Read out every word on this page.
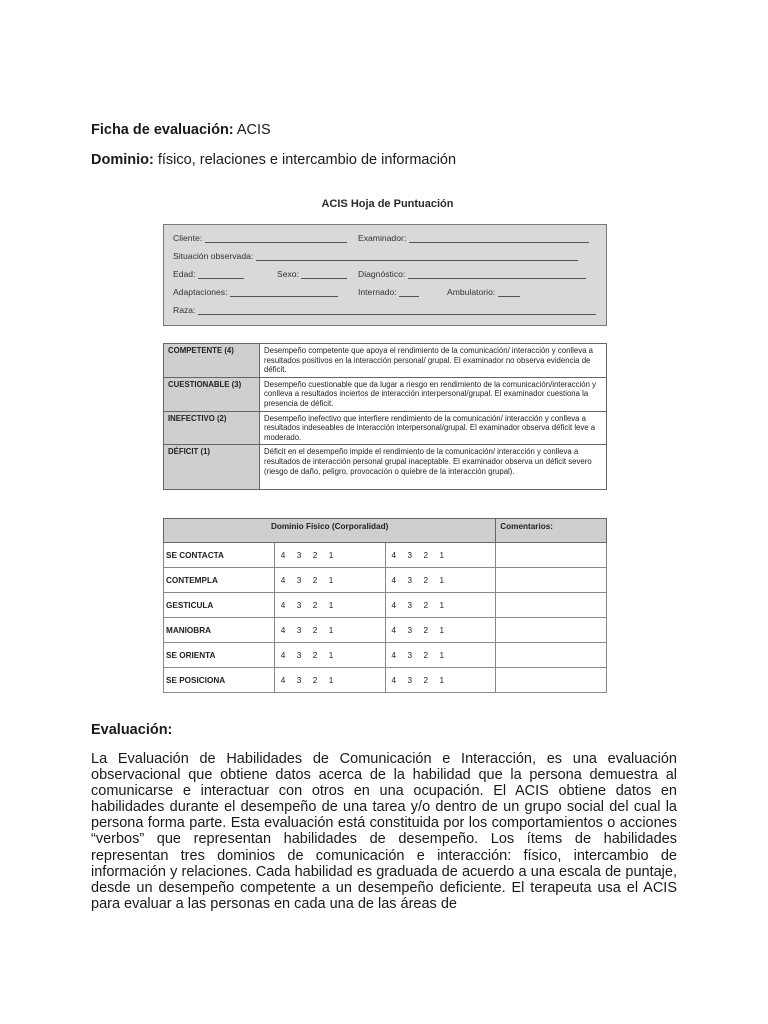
Ficha de evaluación: ACIS
Dominio: físico, relaciones e intercambio de información
ACIS Hoja de Puntuación
Cliente:	Examinador:
Situación observada:
Edad:	Sexo:	Diagnóstico:
Adaptaciones:	Internado:	Ambulatorio:
Raza:
COMPETENTE (4)	Desempeño competente que apoya el rendimiento de la comunicación/ interacción y conlleva a resultados positivos en la interacción personal/ grupal. El examinador no observa evidencia de déficit.
CUESTIONABLE (3)	Desempeño cuestionable que da lugar a riesgo en rendimiento de la comunicación/interacción y conlleva a resultados inciertos de interacción interpersonal/grupal. El examinador cuestiona la presencia de déficit.
INEFECTIVO (2)	Desempeño inefectivo que interfiere rendimiento de la comunicación/ interacción y conlleva a resultados indeseables de interacción interpersonal/grupal. El examinador observa déficit leve a moderado.
DÉFICIT (1)	Déficit en el desempeño impide el rendimiento de la comunicación/ interacción y conlleva a resultados de interacción personal grupal inaceptable. El examinador observa un déficit severo (riesgo de daño, peligro, provocación o quiebre de la interacción grupal).
Dominio Físico (Corporalidad)			Comentarios:
SE CONTACTA	4 3 2 1	4 3 2 1	

CONTEMPLA	4 3 2 1	4 3 2 1	

GESTICULA	4 3 2 1	4 3 2 1	

MANIOBRA	4 3 2 1	4 3 2 1	

SE ORIENTA	4 3 2 1	4 3 2 1	

SE POSICIONA	4 3 2 1	4 3 2 1	

Evaluación:
La Evaluación de Habilidades de Comunicación e Interacción, es una evaluación observacional que obtiene datos acerca de la habilidad que la persona demuestra al comunicarse e interactuar con otros en una ocupación. El ACIS obtiene datos en habilidades durante el desempeño de una tarea y/o dentro de un grupo social del cual la persona forma parte. Esta evaluación está constituida por los comportamientos o acciones “verbos” que representan habilidades de desempeño. Los ítems de habilidades representan tres dominios de comunicación e interacción: físico, intercambio de información y relaciones. Cada habilidad es graduada de acuerdo a una escala de puntaje, desde un desempeño competente a un desempeño deficiente. El terapeuta usa el ACIS para evaluar a las personas en cada una de las áreas de
